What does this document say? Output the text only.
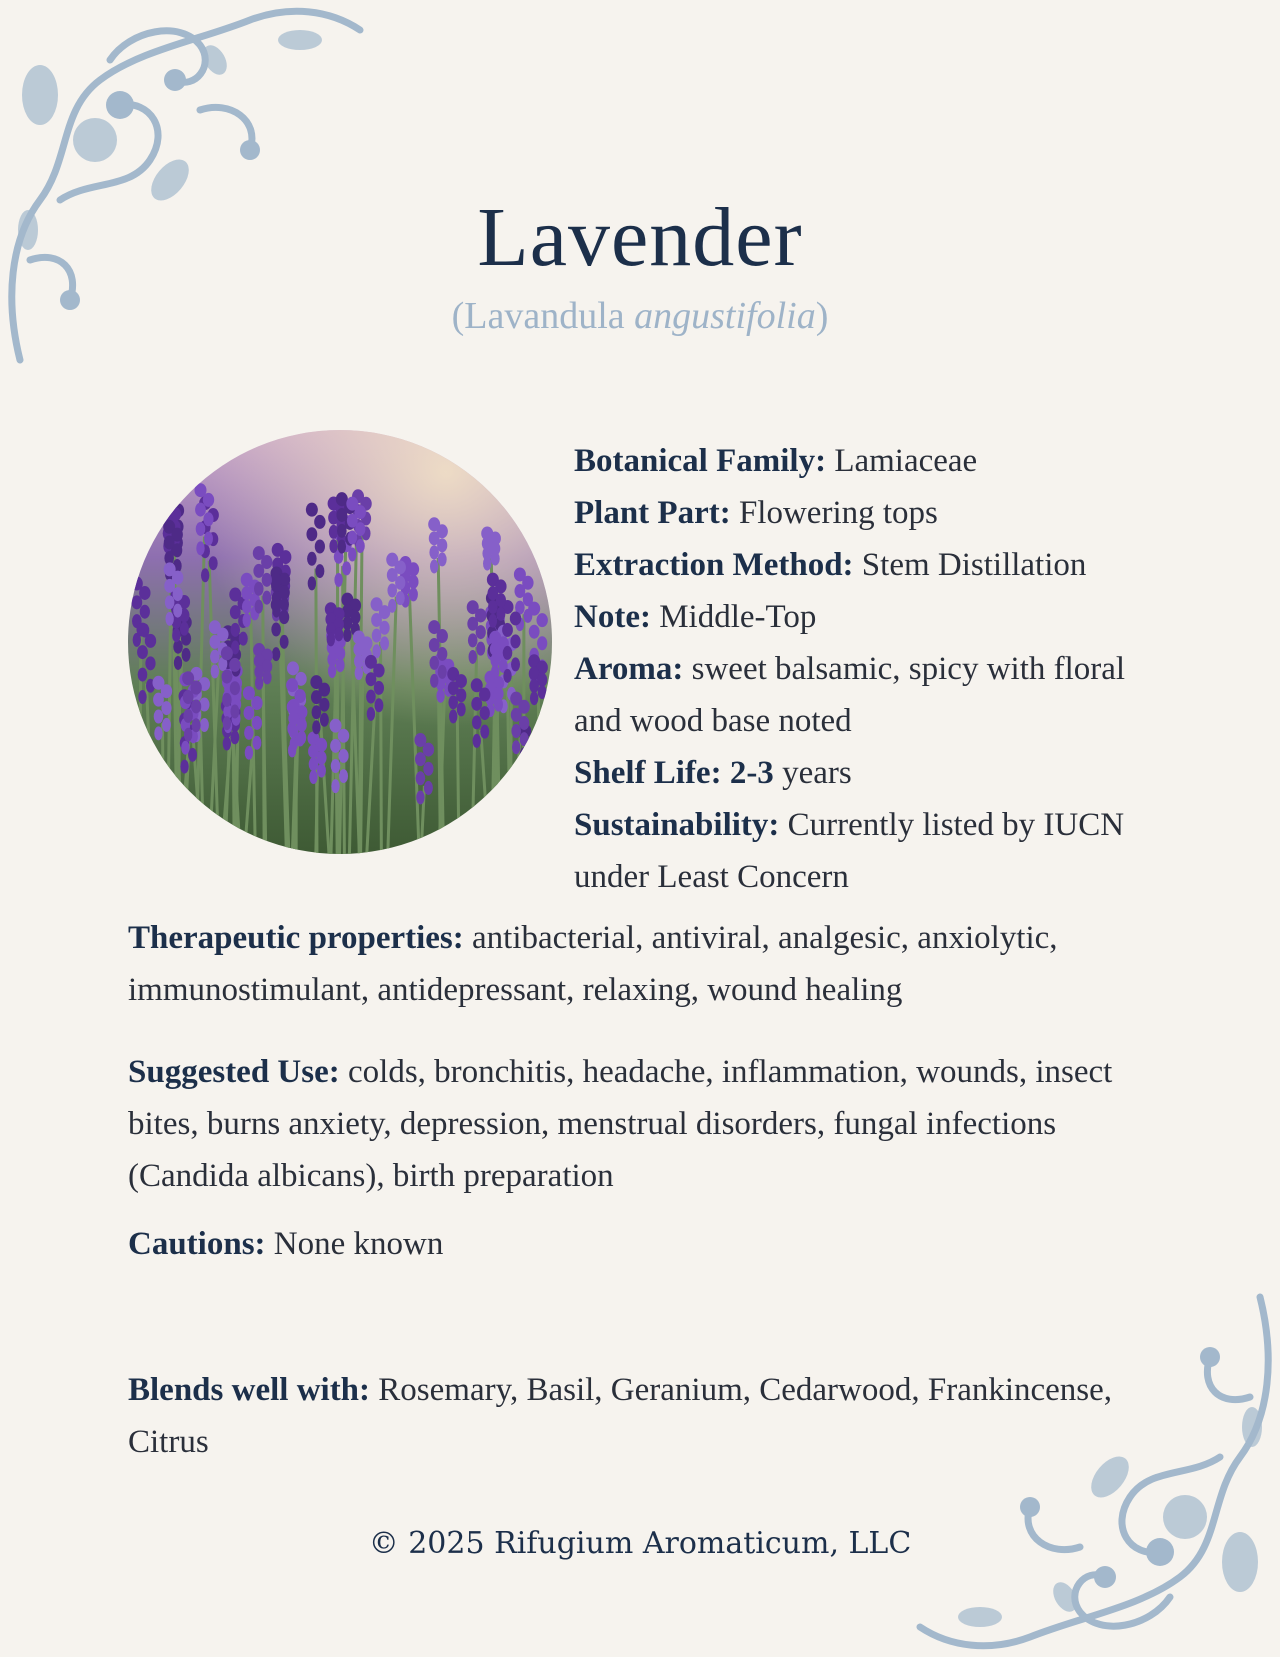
Lavender
(Lavandula angustifolia)
Botanical Family: Lamiaceae
Plant Part: Flowering tops
Extraction Method: Stem Distillation
Note: Middle-Top
Aroma: sweet balsamic, spicy with floral and wood base noted
Shelf Life: 2-3 years
Sustainability: Currently listed by IUCN under Least Concern
Therapeutic properties: antibacterial, antiviral, analgesic, anxiolytic, immunostimulant, antidepressant, relaxing, wound healing
Suggested Use: colds, bronchitis, headache, inflammation, wounds, insect bites, burns anxiety, depression, menstrual disorders, fungal infections (Candida albicans), birth preparation
Cautions: None known
Blends well with: Rosemary, Basil, Geranium, Cedarwood, Frankincense, Citrus
© 2025 Rifugium Aromaticum, LLC
